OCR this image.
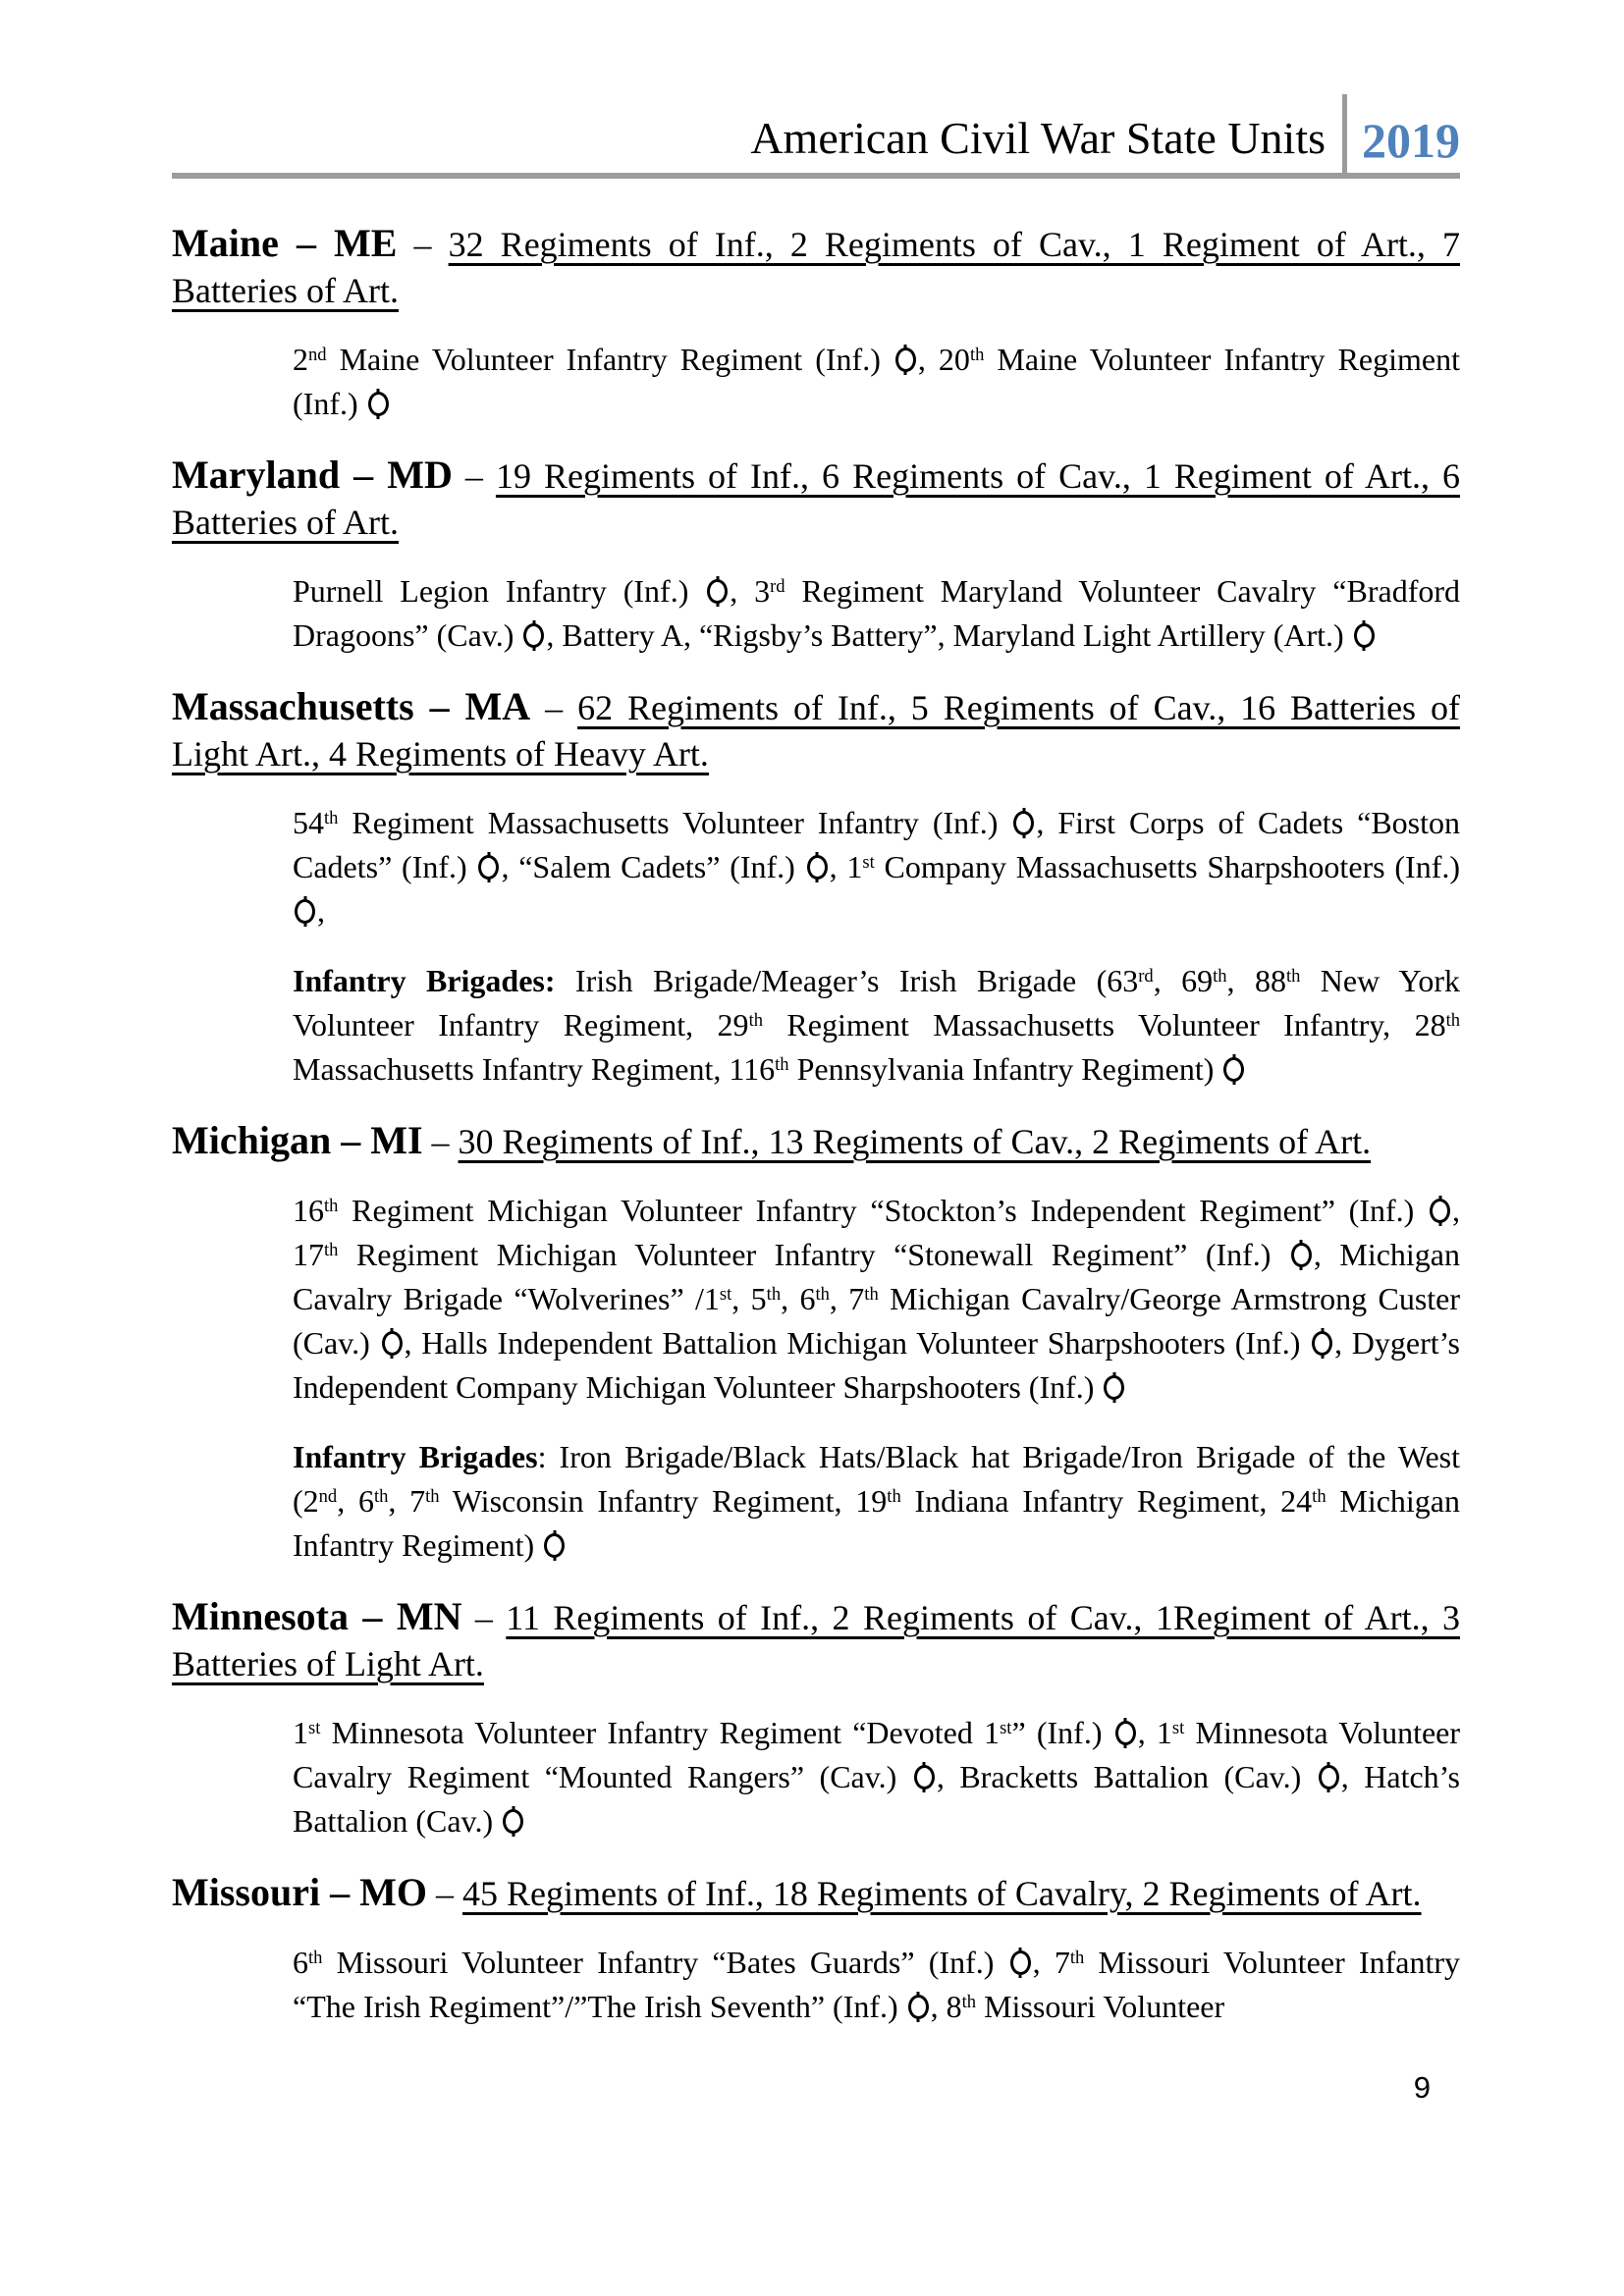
American Civil War State Units 2019

Maine – ME – 32 Regiments of Inf., 2 Regiments of Cav., 1 Regiment of Art., 7 Batteries of Art.

2nd Maine Volunteer Infantry Regiment (Inf.) , 20th Maine Volunteer Infantry Regiment (Inf.)

Maryland – MD – 19 Regiments of Inf., 6 Regiments of Cav., 1 Regiment of Art., 6 Batteries of Art.

Purnell Legion Infantry (Inf.) , 3rd Regiment Maryland Volunteer Cavalry “Bradford Dragoons” (Cav.) , Battery A, “Rigsby’s Battery”, Maryland Light Artillery (Art.)

Massachusetts – MA – 62 Regiments of Inf., 5 Regiments of Cav., 16 Batteries of Light Art., 4 Regiments of Heavy Art.

54th Regiment Massachusetts Volunteer Infantry (Inf.) , First Corps of Cadets “Boston Cadets” (Inf.) , “Salem Cadets” (Inf.) , 1st Company Massachusetts Sharpshooters (Inf.) ,

Infantry Brigades: Irish Brigade/Meager’s Irish Brigade (63rd, 69th, 88th New York Volunteer Infantry Regiment, 29th Regiment Massachusetts Volunteer Infantry, 28th Massachusetts Infantry Regiment, 116th Pennsylvania Infantry Regiment)

Michigan – MI – 30 Regiments of Inf., 13 Regiments of Cav., 2 Regiments of Art.

16th Regiment Michigan Volunteer Infantry “Stockton’s Independent Regiment” (Inf.) , 17th Regiment Michigan Volunteer Infantry “Stonewall Regiment” (Inf.) , Michigan Cavalry Brigade “Wolverines” /1st, 5th, 6th, 7th Michigan Cavalry/George Armstrong Custer (Cav.) , Halls Independent Battalion Michigan Volunteer Sharpshooters (Inf.) , Dygert’s Independent Company Michigan Volunteer Sharpshooters (Inf.)

Infantry Brigades: Iron Brigade/Black Hats/Black hat Brigade/Iron Brigade of the West (2nd, 6th, 7th Wisconsin Infantry Regiment, 19th Indiana Infantry Regiment, 24th Michigan Infantry Regiment)

Minnesota – MN – 11 Regiments of Inf., 2 Regiments of Cav., 1Regiment of Art., 3 Batteries of Light Art.

1st Minnesota Volunteer Infantry Regiment “Devoted 1st” (Inf.) , 1st Minnesota Volunteer Cavalry Regiment “Mounted Rangers” (Cav.) , Bracketts Battalion (Cav.) , Hatch’s Battalion (Cav.)

Missouri – MO – 45 Regiments of Inf., 18 Regiments of Cavalry, 2 Regiments of Art.

6th Missouri Volunteer Infantry “Bates Guards” (Inf.) , 7th Missouri Volunteer Infantry “The Irish Regiment”/”The Irish Seventh” (Inf.) , 8th Missouri Volunteer

9
